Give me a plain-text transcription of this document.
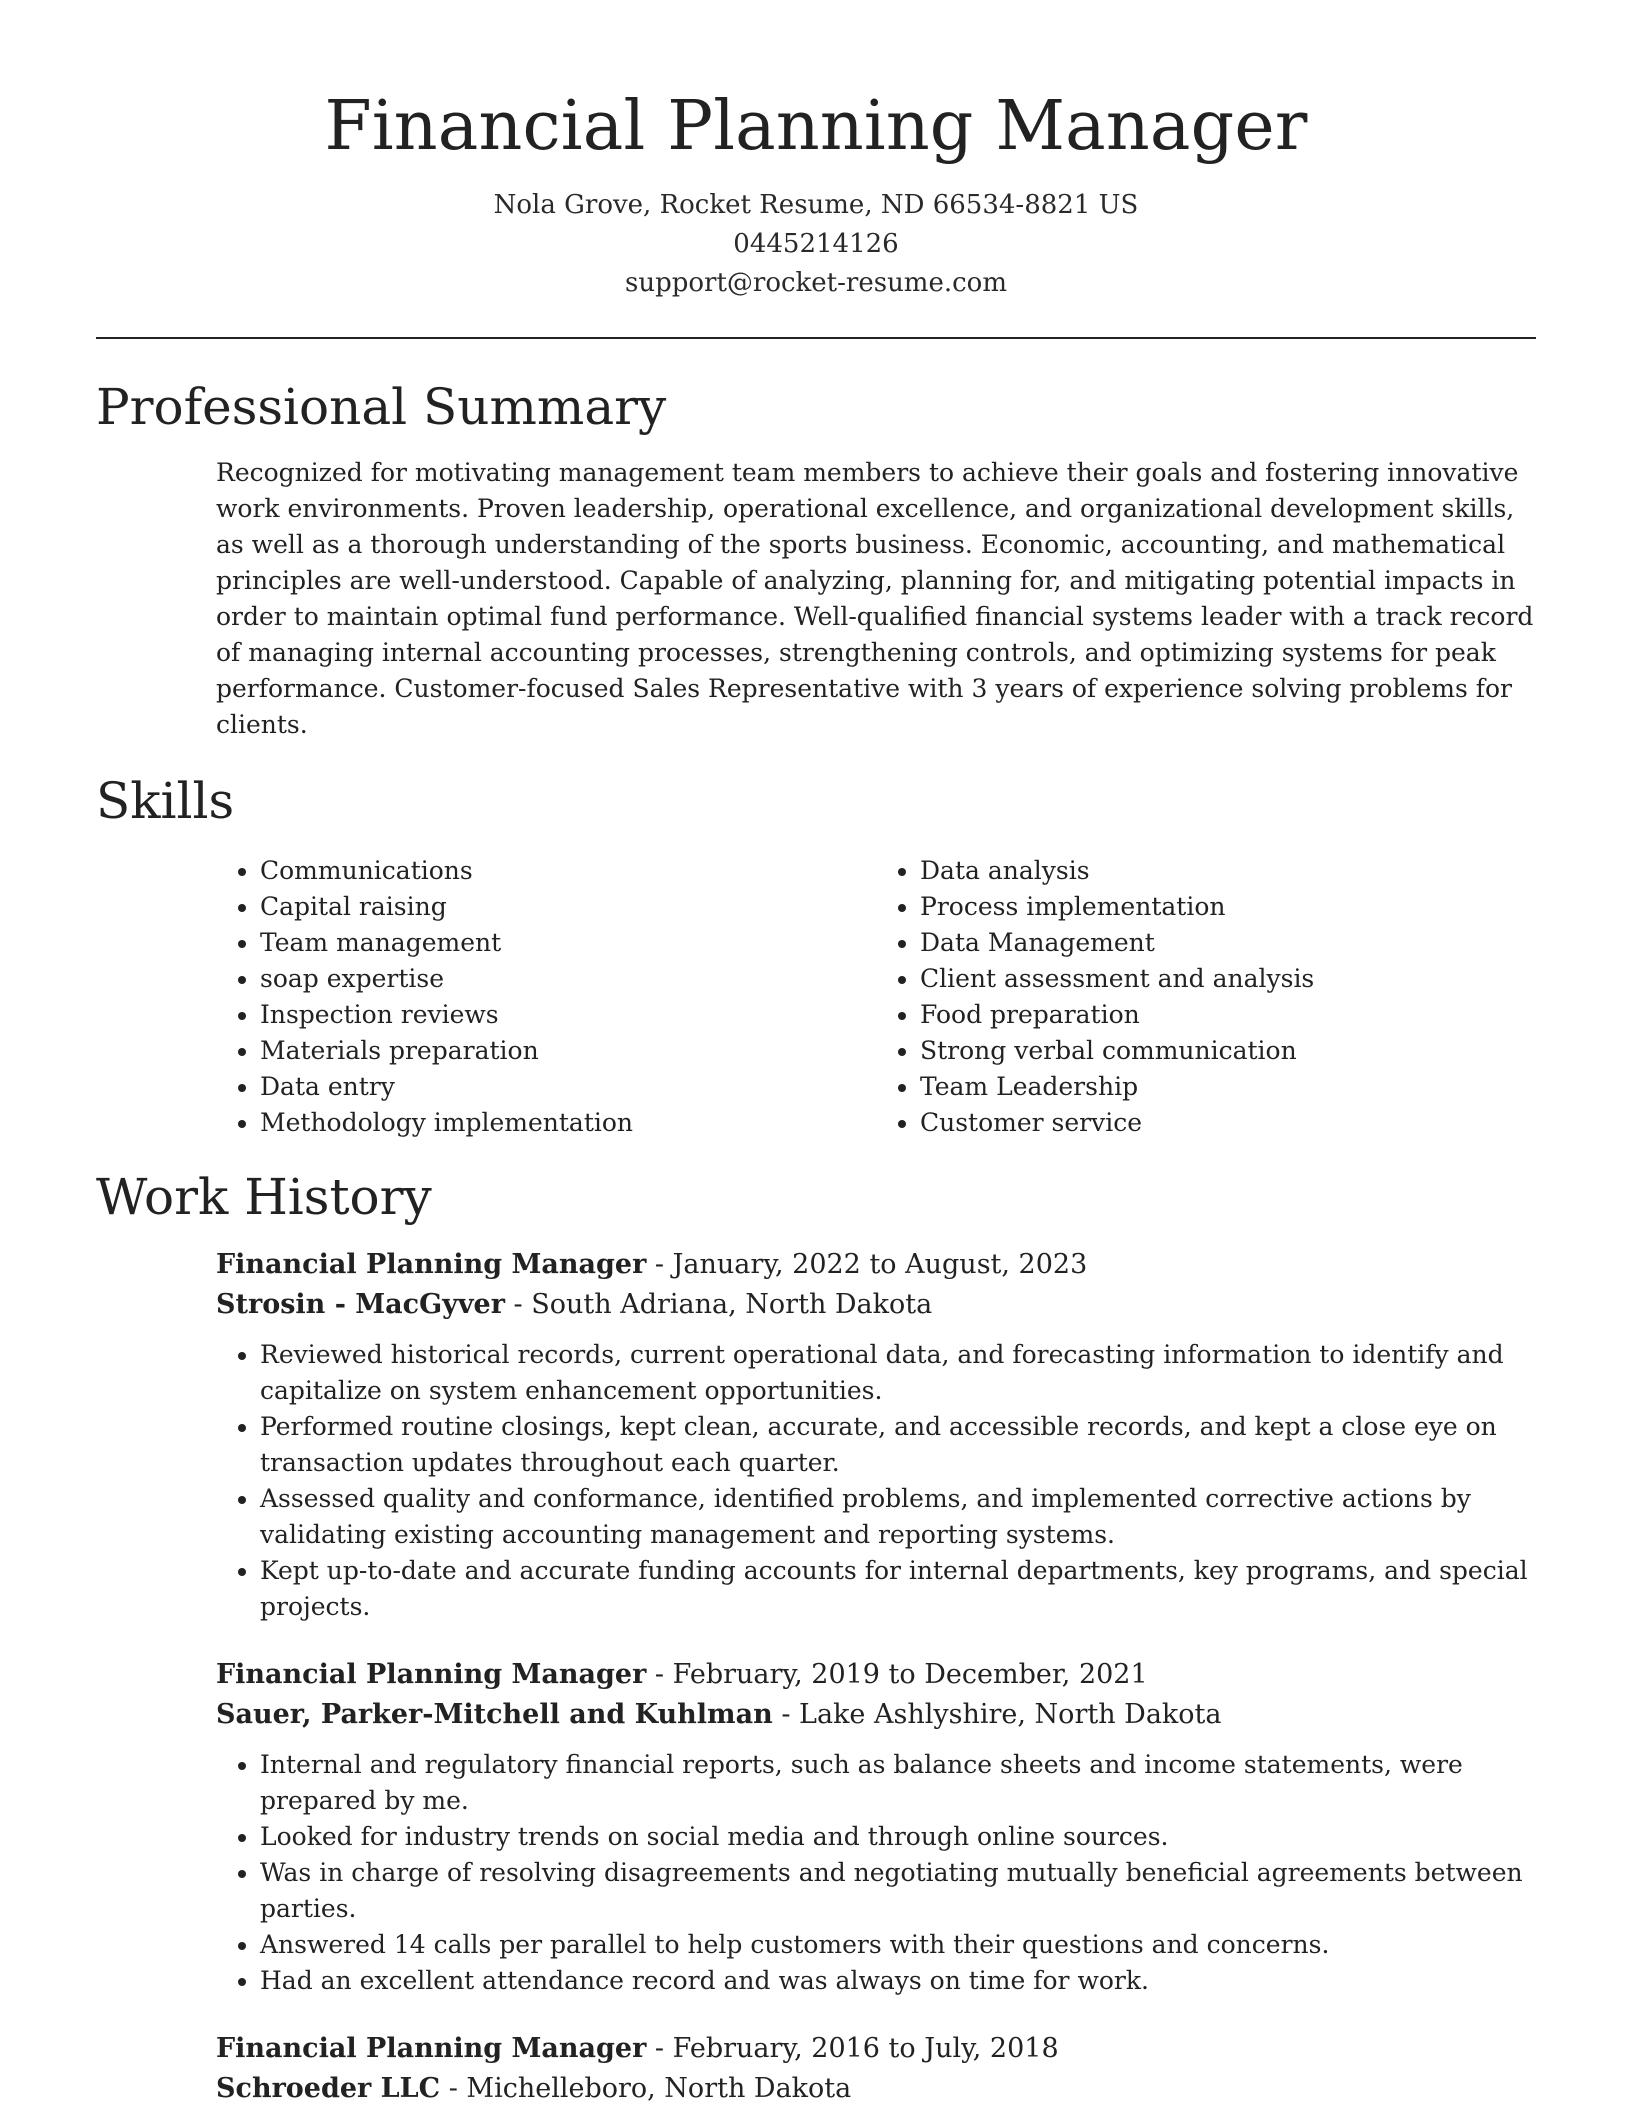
Financial Planning Manager
Nola Grove, Rocket Resume, ND 66534-8821 US
0445214126
support@rocket-resume.com
Professional Summary

Recognized for motivating management team members to achieve their goals and fostering innovative work environments. Proven leadership, operational excellence, and organizational development skills, as well as a thorough understanding of the sports business. Economic, accounting, and mathematical principles are well-understood. Capable of analyzing, planning for, and mitigating potential impacts in order to maintain optimal fund performance. Well-qualified financial systems leader with a track record of managing internal accounting processes, strengthening controls, and optimizing systems for peak performance. Customer-focused Sales Representative with 3 years of experience solving problems for clients.

Skills
• Communications
• Capital raising
• Team management
• soap expertise
• Inspection reviews
• Materials preparation
• Data entry
• Methodology implementation
• Data analysis
• Process implementation
• Data Management
• Client assessment and analysis
• Food preparation
• Strong verbal communication
• Team Leadership
• Customer service
Work History
Financial Planning Manager - January, 2022 to August, 2023
Strosin - MacGyver - South Adriana, North Dakota
• Reviewed historical records, current operational data, and forecasting information to identify and capitalize on system enhancement opportunities.
• Performed routine closings, kept clean, accurate, and accessible records, and kept a close eye on transaction updates throughout each quarter.
• Assessed quality and conformance, identified problems, and implemented corrective actions by validating existing accounting management and reporting systems.
• Kept up-to-date and accurate funding accounts for internal departments, key programs, and special projects.
Financial Planning Manager - February, 2019 to December, 2021
Sauer, Parker-Mitchell and Kuhlman - Lake Ashlyshire, North Dakota
• Internal and regulatory financial reports, such as balance sheets and income statements, were prepared by me.
• Looked for industry trends on social media and through online sources.
• Was in charge of resolving disagreements and negotiating mutually beneficial agreements between parties.
• Answered 14 calls per parallel to help customers with their questions and concerns.
• Had an excellent attendance record and was always on time for work.
Financial Planning Manager - February, 2016 to July, 2018
Schroeder LLC - Michelleboro, North Dakota
